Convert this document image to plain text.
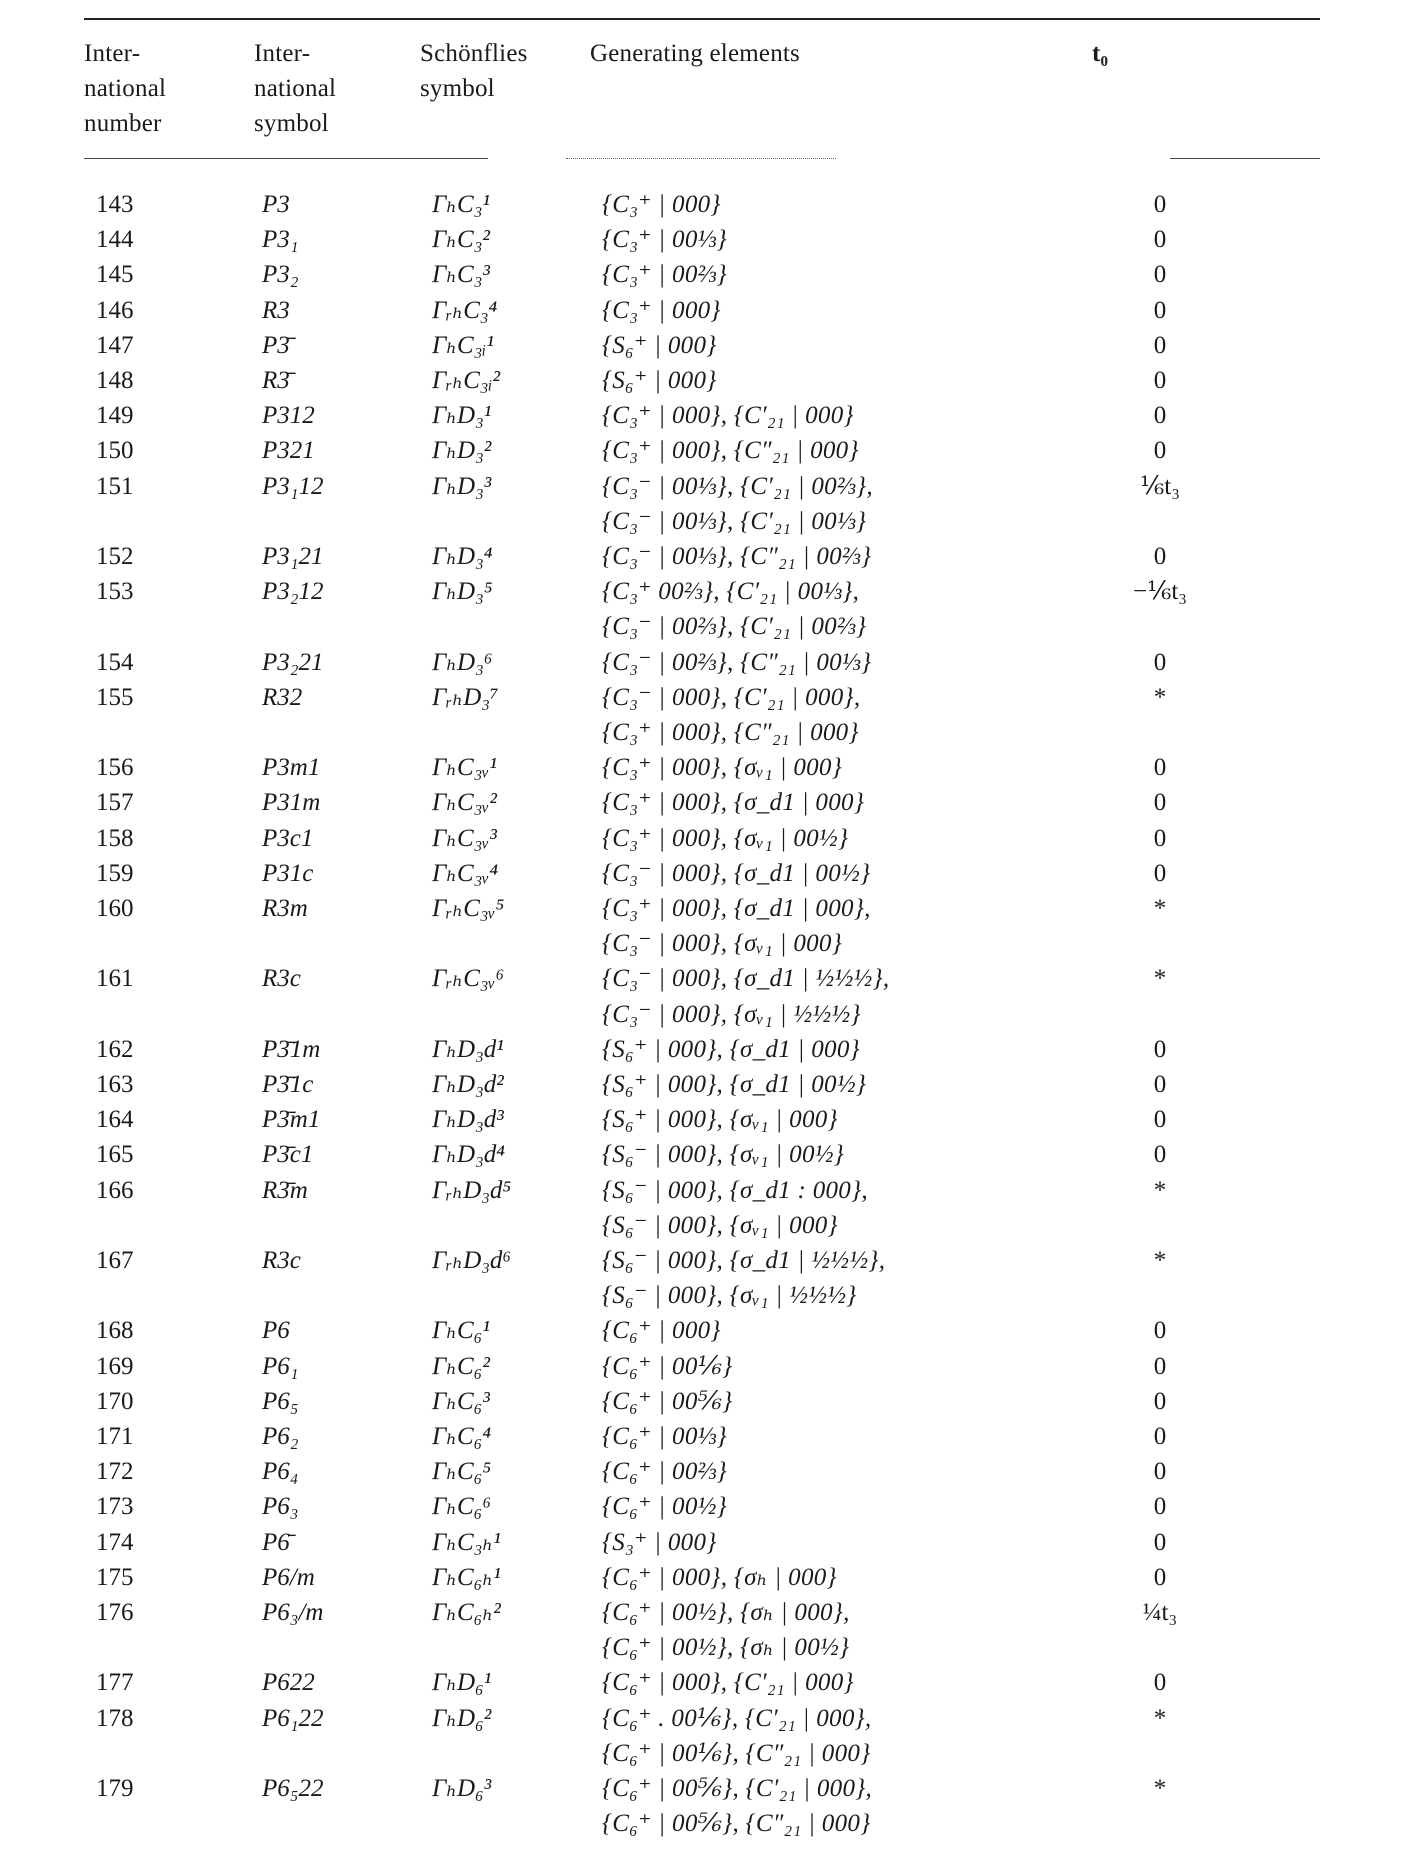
Inter-
national
number
Inter-
national
symbol
Schönflies
symbol
Generating elements	t₀
143	P3	ΓₕC₃¹	{C₃⁺ | 000}	0
144	P3₁	ΓₕC₃²	{C₃⁺ | 00⅓}	0
145	P3₂	ΓₕC₃³	{C₃⁺ | 00⅔}	0
146	R3	ΓᵣₕC₃⁴	{C₃⁺ | 000}	0
147	P3̄	ΓₕC₃ᵢ¹	{S₆⁺ | 000}	0
148	R3̄	ΓᵣₕC₃ᵢ²	{S₆⁺ | 000}	0
149	P312	ΓₕD₃¹	{C₃⁺ | 000}, {C′₂₁ | 000}	0
150	P321	ΓₕD₃²	{C₃⁺ | 000}, {C″₂₁ | 000}	0
151	P3₁12	ΓₕD₃³	{C₃⁻ | 00⅓}, {C′₂₁ | 00⅔},	⅙t₃
{C₃⁻ | 00⅓}, {C′₂₁ | 00⅓}
152	P3₁21	ΓₕD₃⁴	{C₃⁻ | 00⅓}, {C″₂₁ | 00⅔}	0
153	P3₂12	ΓₕD₃⁵	{C₃⁺ 00⅔}, {C′₂₁ | 00⅓},	−⅙t₃
{C₃⁻ | 00⅔}, {C′₂₁ | 00⅔}
154	P3₂21	ΓₕD₃⁶	{C₃⁻ | 00⅔}, {C″₂₁ | 00⅓}	0
155	R32	ΓᵣₕD₃⁷	{C₃⁻ | 000}, {C′₂₁ | 000},	*
{C₃⁺ | 000}, {C″₂₁ | 000}
156	P3m1	ΓₕC₃ᵥ¹	{C₃⁺ | 000}, {σᵥ₁ | 000}	0
157	P31m	ΓₕC₃ᵥ²	{C₃⁺ | 000}, {σ_d1 | 000}	0
158	P3c1	ΓₕC₃ᵥ³	{C₃⁺ | 000}, {σᵥ₁ | 00½}	0
159	P31c	ΓₕC₃ᵥ⁴	{C₃⁻ | 000}, {σ_d1 | 00½}	0
160	R3m	ΓᵣₕC₃ᵥ⁵	{C₃⁺ | 000}, {σ_d1 | 000},	*
{C₃⁻ | 000}, {σᵥ₁ | 000}
161	R3c	ΓᵣₕC₃ᵥ⁶	{C₃⁻ | 000}, {σ_d1 | ½½½},	*
{C₃⁻ | 000}, {σᵥ₁ | ½½½}
162	P3̄1m	ΓₕD₃d¹	{S₆⁺ | 000}, {σ_d1 | 000}	0
163	P3̄1c	ΓₕD₃d²	{S₆⁺ | 000}, {σ_d1 | 00½}	0
164	P3̄m1	ΓₕD₃d³	{S₆⁺ | 000}, {σᵥ₁ | 000}	0
165	P3̄c1	ΓₕD₃d⁴	{S₆⁻ | 000}, {σᵥ₁ | 00½}	0
166	R3̄m	ΓᵣₕD₃d⁵	{S₆⁻ | 000}, {σ_d1 : 000},	*
{S₆⁻ | 000}, {σᵥ₁ | 000}
167	R3c	ΓᵣₕD₃d⁶	{S₆⁻ | 000}, {σ_d1 | ½½½},	*
{S₆⁻ | 000}, {σᵥ₁ | ½½½}
168	P6	ΓₕC₆¹	{C₆⁺ | 000}	0
169	P6₁	ΓₕC₆²	{C₆⁺ | 00⅙}	0
170	P6₅	ΓₕC₆³	{C₆⁺ | 00⅚}	0
171	P6₂	ΓₕC₆⁴	{C₆⁺ | 00⅓}	0
172	P6₄	ΓₕC₆⁵	{C₆⁺ | 00⅔}	0
173	P6₃	ΓₕC₆⁶	{C₆⁺ | 00½}	0
174	P6̄	ΓₕC₃ₕ¹	{S₃⁺ | 000}	0
175	P6/m	ΓₕC₆ₕ¹	{C₆⁺ | 000}, {σₕ | 000}	0
176	P6₃/m	ΓₕC₆ₕ²	{C₆⁺ | 00½}, {σₕ | 000},	¼t₃
{C₆⁺ | 00½}, {σₕ | 00½}
177	P622	ΓₕD₆¹	{C₆⁺ | 000}, {C′₂₁ | 000}	0
178	P6₁22	ΓₕD₆²	{C₆⁺ . 00⅙}, {C′₂₁ | 000},	*
{C₆⁺ | 00⅙}, {C″₂₁ | 000}
179	P6₅22	ΓₕD₆³	{C₆⁺ | 00⅚}, {C′₂₁ | 000},	*
{C₆⁺ | 00⅚}, {C″₂₁ | 000}
